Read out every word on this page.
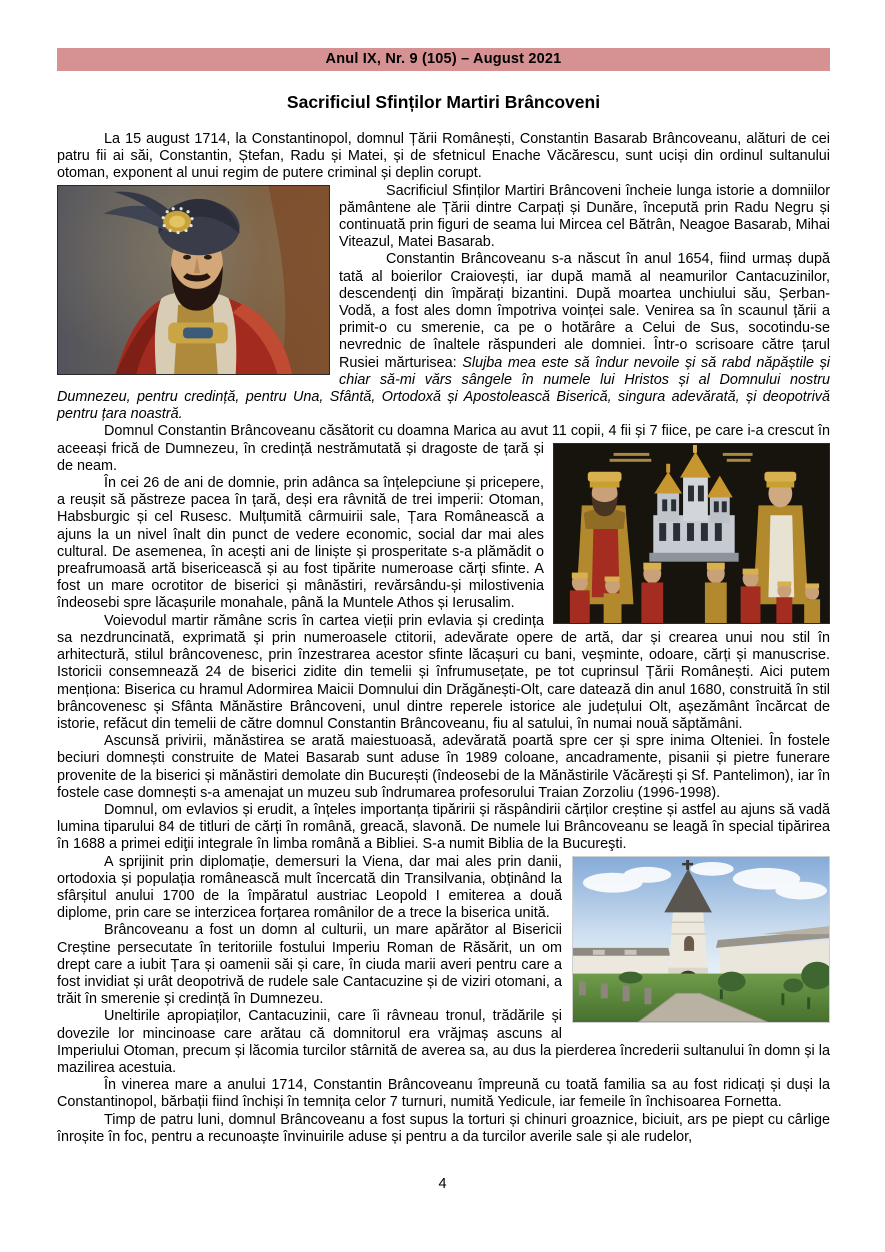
Anul IX, Nr. 9 (105) – August 2021
Sacrificiul Sfinților Martiri Brâncoveni

La 15 august 1714, la Constantinopol, domnul Țării Românești, Constantin Basarab Brâncoveanu, alături de cei patru fii ai săi, Constantin, Ștefan, Radu și Matei, și de sfetnicul Enache Văcărescu, sunt uciși din ordinul sultanului otoman, exponent al unui regim de putere criminal și deplin corupt.

Sacrificiul Sfinților Martiri Brâncoveni încheie lunga istorie a domniilor pământene ale Țării dintre Carpați și Dunăre, începută prin Radu Negru și continuată prin figuri de seama lui Mircea cel Bătrân, Neagoe Basarab, Mihai Viteazul, Matei Basarab.

Constantin Brâncoveanu s-a născut în anul 1654, fiind urmaș după tată al boierilor Craiovești, iar după mamă al neamurilor Cantacuzinilor, descendenți din împărați bizantini. După moartea unchiului său, Șerban-Vodă, a fost ales domn împotriva voinței sale. Venirea sa în scaunul țării a primit-o cu smerenie, ca pe o hotărâre a Celui de Sus, socotindu-se nevrednic de înaltele răspunderi ale domniei. Într-o scrisoare către țarul Rusiei mărturisea: Slujba mea este să îndur nevoile și să rabd năpăștile și chiar să-mi vărs sângele în numele lui Hristos și al Domnului nostru Dumnezeu, pentru credință, pentru Una, Sfântă, Ortodoxă și Apostolească Biserică, singura adevărată, și deopotrivă pentru țara noastră.

Domnul Constantin Brâncoveanu căsătorit cu doamna Marica au avut 11 copii, 4 fii și 7 fiice, pe care i-a
crescut în aceeași frică de Dumnezeu, în credință nestrămutată și dragoste de țară și de neam.

În cei 26 de ani de domnie, prin adânca sa înțelepciune și pricepere, a reușit să păstreze pacea în țară, deși era râvnită de trei imperii: Otoman, Habsburgic și cel Rusesc. Mulțumită cârmuirii sale, Țara Românească a ajuns la un nivel înalt din punct de vedere economic, social dar mai ales cultural. De asemenea, în acești ani de liniște și prosperitate s-a plămădit o preafrumoasă artă bisericească și au fost tipărite numeroase cărți sfinte. A fost un mare ocrotitor de biserici și mânăstiri, revărsându-și milostivenia îndeosebi spre lăcașurile monahale, până la Muntele Athos și Ierusalim.

Voievodul martir rămâne scris în cartea vieții prin evlavia și credința sa nezdruncinată, exprimată și prin numeroasele ctitorii, adevărate opere de artă, dar și crearea unui nou stil în arhitectură, stilul brâncovenesc, prin înzestrarea acestor sfinte lăcașuri cu bani, veșminte, odoare, cărți și manuscrise. Istoricii consemnează 24 de biserici zidite din temelii și înfrumusețate, pe tot cuprinsul Țării Românești. Aici putem menționa: Biserica cu hramul Adormirea Maicii Domnului din Drăgănești-Olt, care datează din anul 1680, construită în stil brâncovenesc și Sfânta Mănăstire Brâncoveni, unul dintre reperele istorice ale județului Olt, așezământ încărcat de istorie, refăcut din temelii de către domnul Constantin Brâncoveanu, fiu al satului, în numai nouă săptămâni.

Ascunsă privirii, mănăstirea se arată maiestuoasă, adevărată poartă spre cer și spre inima Olteniei. În fostele beciuri domnești construite de Matei Basarab sunt aduse în 1989 coloane, ancadramente, pisanii și pietre funerare provenite de la biserici și mănăstiri demolate din București (îndeosebi de la Mănăstirile Văcărești și Sf. Pantelimon), iar în fostele case domnești s-a amenajat un muzeu sub îndrumarea profesorului Traian Zorzoliu (1996-1998).

Domnul, om evlavios și erudit, a înțeles importanța tipăririi și răspândirii cărților creștine și astfel au ajuns să vadă lumina tiparului 84 de titluri de cărți în română, greacă, slavonă. De numele lui Brâncoveanu se leagă în special tipărirea în 1688 a primei ediţii integrale în limba română a Bibliei. S-a numit Biblia de la Bucureşti.

A sprijinit prin diplomație, demersuri la Viena, dar mai ales prin danii, ortodoxia și populația românească mult încercată din Transilvania, obținând la sfârșitul anului 1700 de la împăratul austriac Leopold I emiterea a două diplome, prin care se interzicea forțarea românilor de a trece la biserica unită.

Brâncoveanu a fost un domn al culturii, un mare apărător al Bisericii Creștine persecutate în teritoriile fostului Imperiu Roman de Răsărit, un om drept care a iubit Țara și oamenii săi și care, în ciuda marii averi pentru care a fost invidiat și urât deopotrivă de rudele sale Cantacuzine și de viziri otomani, a trăit în smerenie și credință în Dumnezeu.

Uneltirile apropiaților, Cantacuzinii, care îi râvneau tronul, trădările și dovezile lor mincinoase care arătau că domnitorul era vrăjmaș ascuns al Imperiului Otoman, precum și lăcomia turcilor stârnită de averea sa, au dus la pierderea încrederii sultanului în domn și la mazilirea acestuia.

În vinerea mare a anului 1714, Constantin Brâncoveanu împreună cu toată familia sa au fost ridicați și duși la Constantinopol, bărbații fiind închiși în temnița celor 7 turnuri, numită Yedicule, iar femeile în închisoarea Fornetta.

Timp de patru luni, domnul Brâncoveanu a fost supus la torturi și chinuri groaznice, biciuit, ars pe piept cu cârlige înroșite în foc, pentru a recunoaște învinuirile aduse și pentru a da turcilor averile sale și ale rudelor,

4
